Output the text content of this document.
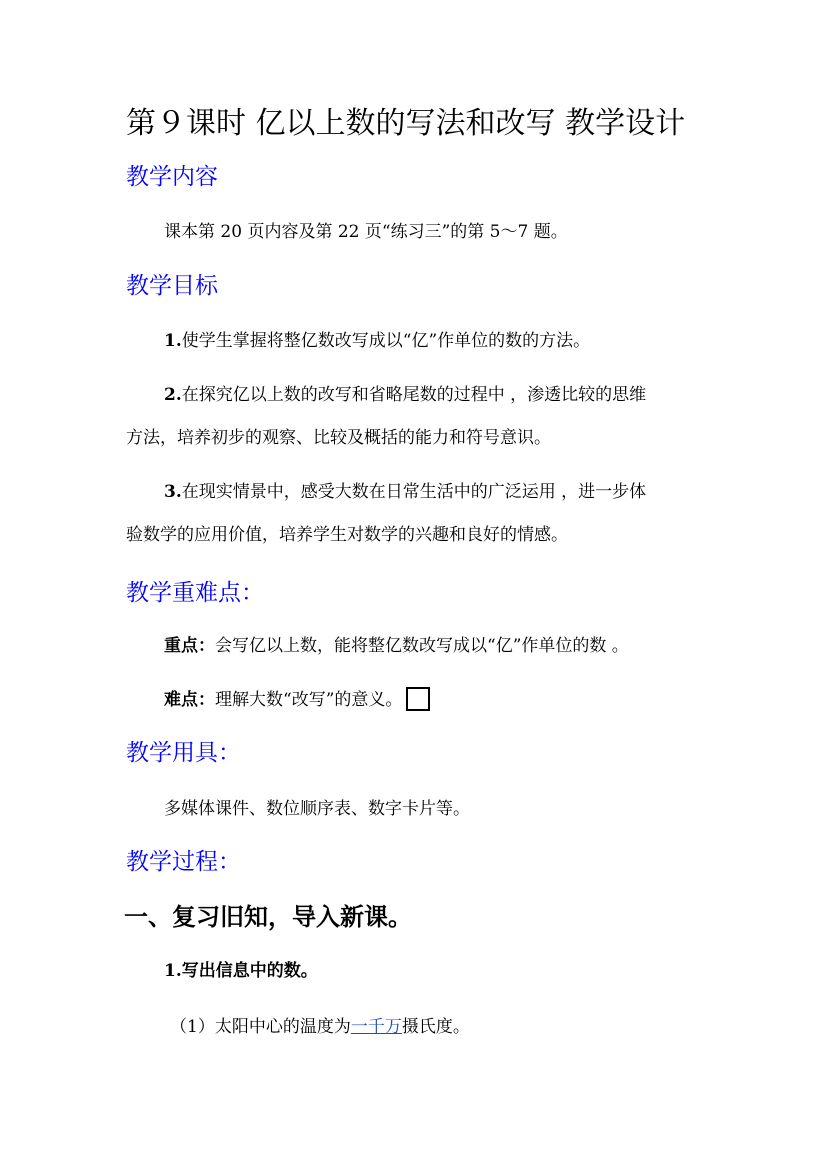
第９课时 亿以上数的写法和改写 教学设计
教学内容
课本第 20 页内容及第 22 页“练习三”的第 5～7 题。
教学目标
1.使学生掌握将整亿数改写成以“亿”作单位的数的方法。
2.在探究亿以上数的改写和省略尾数的过程中 ，渗透比较的思维
方法，培养初步的观察、比较及概括的能力和符号意识。
3.在现实情景中，感受大数在日常生活中的广泛运用 ，进一步体
验数学的应用价值，培养学生对数学的兴趣和良好的情感。
教学重难点：
重点：会写亿以上数，能将整亿数改写成以“亿”作单位的数 。
难点：理解大数“改写”的意义。
教学用具：
多媒体课件、数位顺序表、数字卡片等。
教学过程：
一、复习旧知，导入新课。
1.写出信息中的数。
（1）太阳中心的温度为一千万摄氏度。
